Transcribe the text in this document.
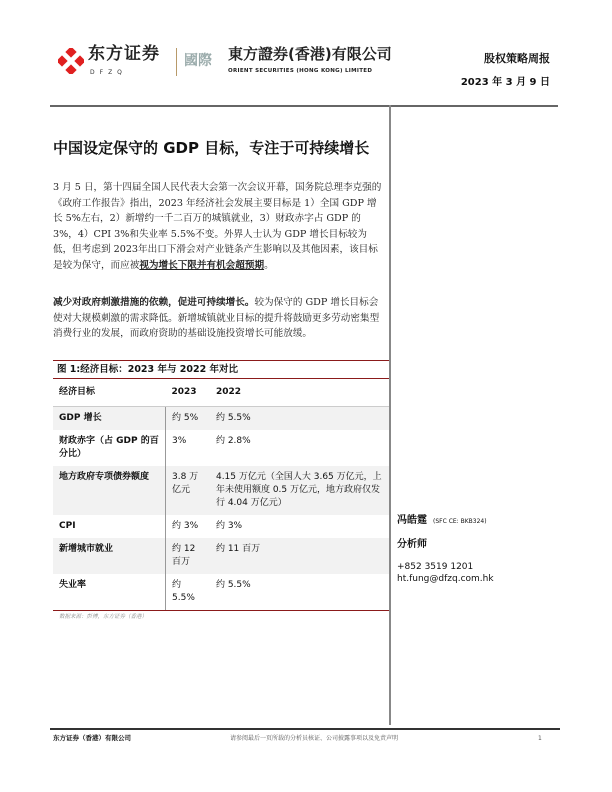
东方证券
DFZQ
國際 東方證券(香港)有限公司
ORIENT SECURITIES (HONG KONG) LIMITED
股权策略周报
2023 年 3 月 9 日
中国设定保守的 GDP 目标，专注于可持续增长
3 月 5 日，第十四届全国人民代表大会第一次会议开幕，国务院总理李克强的《政府工作报告》指出，2023 年经济社会发展主要目标是 1）全国 GDP 增长 5%左右，2）新增约一千二百万的城镇就业，3）财政赤字占 GDP 的 3%，4）CPI 3%和失业率 5.5%不变。外界人士认为 GDP 增长目标较为低，但考虑到 2023年出口下滑会对产业链条产生影响以及其他因素，该目标是较为保守，而应被视为增长下限并有机会超预期。
减少对政府刺激措施的依赖，促进可持续增长。较为保守的 GDP 增长目标会使对大规模刺激的需求降低。新增城镇就业目标的提升将鼓励更多劳动密集型消费行业的发展，而政府资助的基础设施投资增长可能放缓。
图 1:经济目标：2023 年与 2022 年对比
经济目标	2023	2022
GDP 增长	约 5%	约 5.5%
财政赤字（占 GDP 的百分比）	3%	约 2.8%
地方政府专项债券额度	3.8 万亿元	4.15 万亿元（全国人大 3.65 万亿元，上年未使用额度 0.5 万亿元，地方政府仅发行 4.04 万亿元）
CPI	约 3%	约 3%
新增城市就业	约 12 百万	约 11 百万
失业率	约 5.5%	约 5.5%
数据来源：彭博，东方证券（香港）
冯皓霆 (SFC CE: BKB324)
分析师
+852 3519 1201
ht.fung@dfzq.com.hk
东方证券（香港）有限公司	请参阅最后一页所载的分析员核证、公司披露事项以及免责声明	1
